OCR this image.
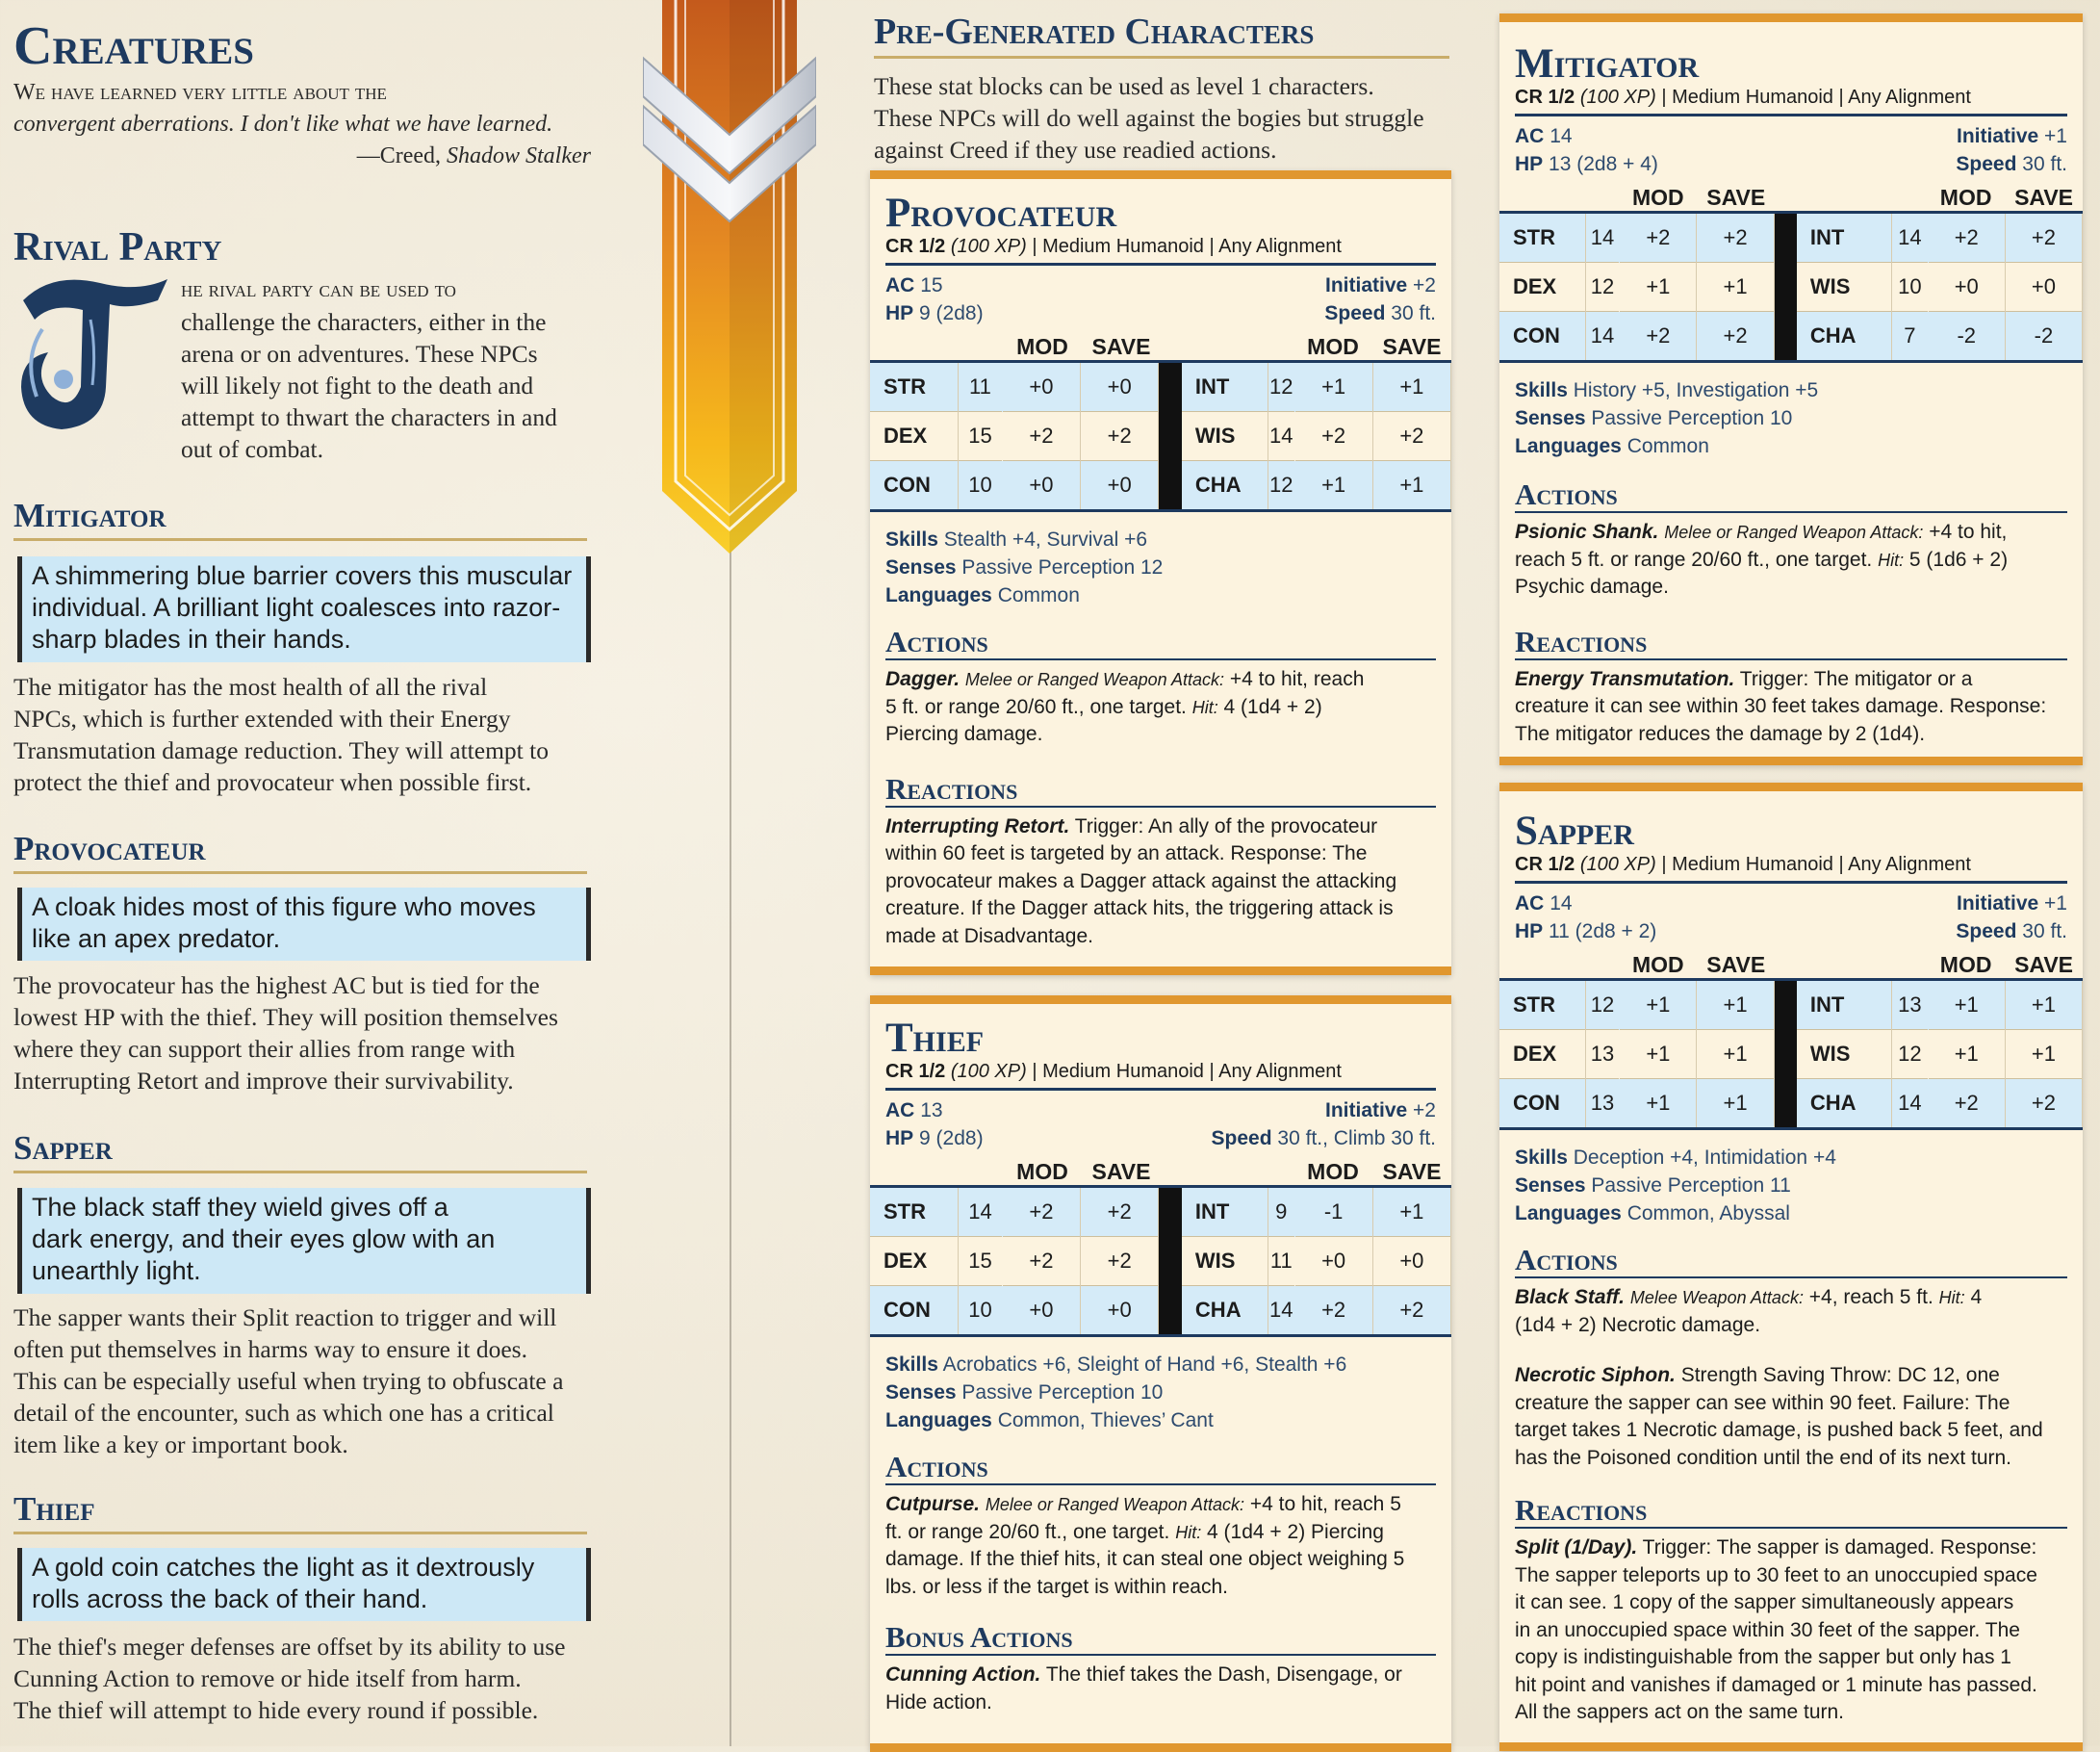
Creatures
We have learned very little about the
convergent aberrations. I don't like what we have learned.
—Creed, Shadow Stalker
Rival Party
he rival party can be used to
challenge the characters, either in the
arena or on adventures. These NPCs
will likely not fight to the death and
attempt to thwart the characters in and
out of combat.
Mitigator
A shimmering blue barrier covers this muscular
individual. A brilliant light coalesces into razor-
sharp blades in their hands.
The mitigator has the most health of all the rival
NPCs, which is further extended with their Energy
Transmutation damage reduction. They will attempt to
protect the thief and provocateur when possible first.
Provocateur
A cloak hides most of this figure who moves
like an apex predator.
The provocateur has the highest AC but is tied for the
lowest HP with the thief. They will position themselves
where they can support their allies from range with
Interrupting Retort and improve their survivability.
Sapper
The black staff they wield gives off a
dark energy, and their eyes glow with an
unearthly light.
The sapper wants their Split reaction to trigger and will
often put themselves in harms way to ensure it does.
This can be especially useful when trying to obfuscate a
detail of the encounter, such as which one has a critical
item like a key or important book.
Thief
A gold coin catches the light as it dextrously
rolls across the back of their hand.
The thief's meger defenses are offset by its ability to use
Cunning Action to remove or hide itself from harm.
The thief will attempt to hide every round if possible.
Pre-Generated Characters
These stat blocks can be used as level 1 characters.
These NPCs will do well against the bogies but struggle
against Creed if they use readied actions.
Provocateur
CR 1/2 (100 XP) | Medium Humanoid | Any Alignment
AC 15	Initiative +2
HP 9 (2d8)	Speed 30 ft.
MOD	SAVE	MOD	SAVE
STR	11	+0	+0		INT	12	+1	+1
DEX	15	+2	+2		WIS	14	+2	+2
CON	10	+0	+0		CHA	12	+1	+1
Skills Stealth +4, Survival +6
Senses Passive Perception 12
Languages Common
Actions
Dagger. Melee or Ranged Weapon Attack: +4 to hit, reach
5 ft. or range 20/60 ft., one target. Hit: 4 (1d4 + 2)
Piercing damage.
Reactions
Interrupting Retort. Trigger: An ally of the provocateur
within 60 feet is targeted by an attack. Response: The
provocateur makes a Dagger attack against the attacking
creature. If the Dagger attack hits, the triggering attack is
made at Disadvantage.
Thief
CR 1/2 (100 XP) | Medium Humanoid | Any Alignment
AC 13	Initiative +2
HP 9 (2d8)	Speed 30 ft., Climb 30 ft.
MOD	SAVE	MOD	SAVE
STR	14	+2	+2		INT	9	-1	+1
DEX	15	+2	+2		WIS	11	+0	+0
CON	10	+0	+0		CHA	14	+2	+2
Skills Acrobatics +6, Sleight of Hand +6, Stealth +6
Senses Passive Perception 10
Languages Common, Thieves’ Cant
Actions
Cutpurse. Melee or Ranged Weapon Attack: +4 to hit, reach 5
ft. or range 20/60 ft., one target. Hit: 4 (1d4 + 2) Piercing
damage. If the thief hits, it can steal one object weighing 5
lbs. or less if the target is within reach.
Bonus Actions
Cunning Action. The thief takes the Dash, Disengage, or
Hide action.
Mitigator
CR 1/2 (100 XP) | Medium Humanoid | Any Alignment
AC 14	Initiative +1
HP 13 (2d8 + 4)	Speed 30 ft.
MOD	SAVE	MOD	SAVE
STR	14	+2	+2		INT	14	+2	+2
DEX	12	+1	+1		WIS	10	+0	+0
CON	14	+2	+2		CHA	7	-2	-2
Skills History +5, Investigation +5
Senses Passive Perception 10
Languages Common
Actions
Psionic Shank. Melee or Ranged Weapon Attack: +4 to hit,
reach 5 ft. or range 20/60 ft., one target. Hit: 5 (1d6 + 2)
Psychic damage.
Reactions
Energy Transmutation. Trigger: The mitigator or a
creature it can see within 30 feet takes damage. Response:
The mitigator reduces the damage by 2 (1d4).
Sapper
CR 1/2 (100 XP) | Medium Humanoid | Any Alignment
AC 14	Initiative +1
HP 11 (2d8 + 2)	Speed 30 ft.
MOD	SAVE	MOD	SAVE
STR	12	+1	+1		INT	13	+1	+1
DEX	13	+1	+1		WIS	12	+1	+1
CON	13	+1	+1		CHA	14	+2	+2
Skills Deception +4, Intimidation +4
Senses Passive Perception 11
Languages Common, Abyssal
Actions
Black Staff. Melee Weapon Attack: +4, reach 5 ft. Hit: 4
(1d4 + 2) Necrotic damage.
Necrotic Siphon. Strength Saving Throw: DC 12, one
creature the sapper can see within 90 feet. Failure: The
target takes 1 Necrotic damage, is pushed back 5 feet, and
has the Poisoned condition until the end of its next turn.
Reactions
Split (1/Day). Trigger: The sapper is damaged. Response:
The sapper teleports up to 30 feet to an unoccupied space
it can see. 1 copy of the sapper simultaneously appears
in an unoccupied space within 30 feet of the sapper. The
copy is indistinguishable from the sapper but only has 1
hit point and vanishes if damaged or 1 minute has passed.
All the sappers act on the same turn.
